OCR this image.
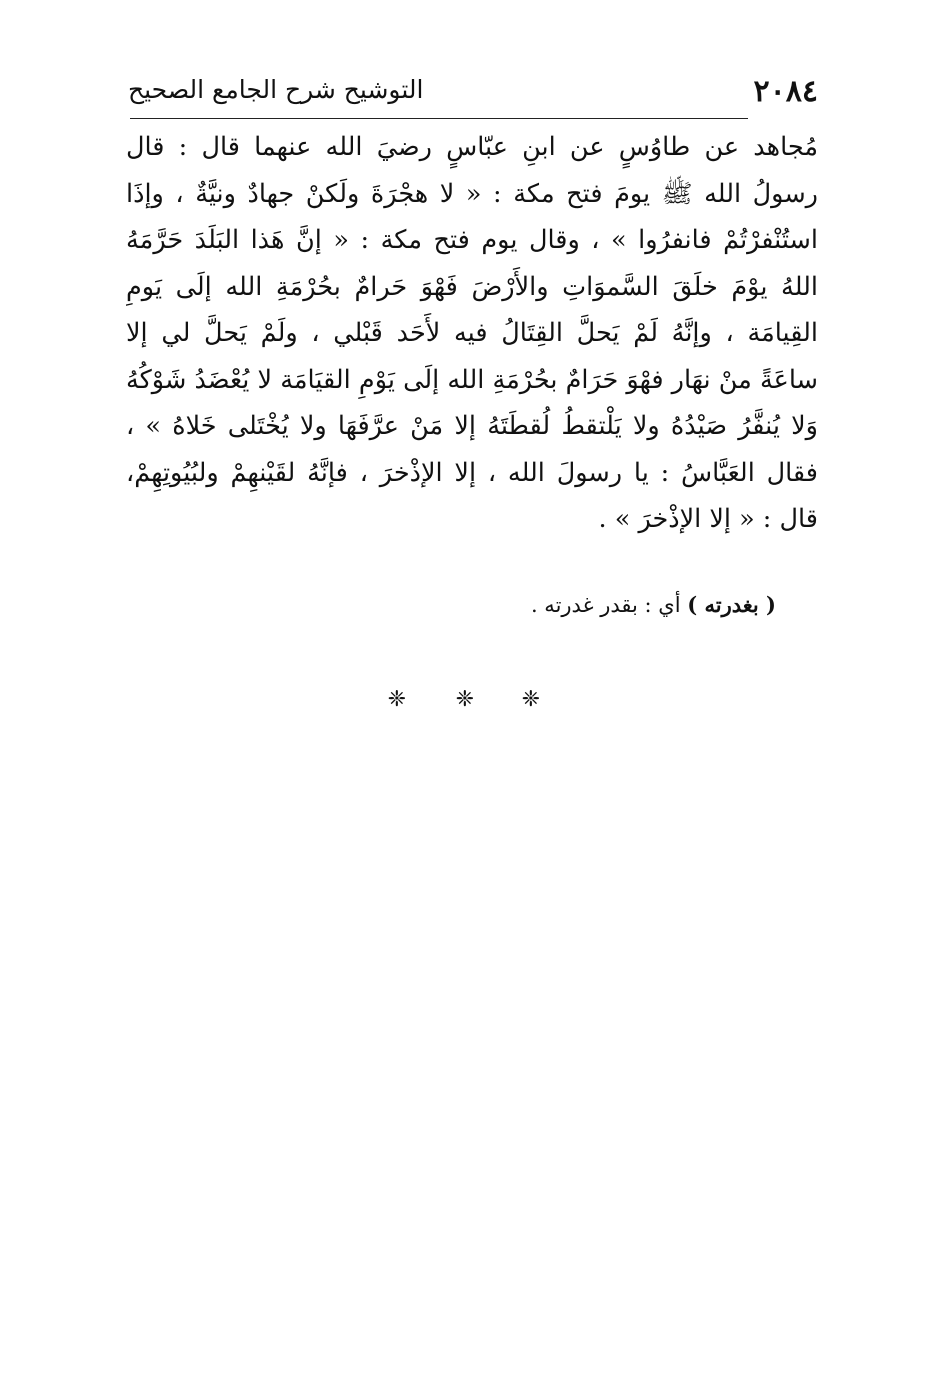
٢٠٨٤
التوشيح شرح الجامع الصحيح
مُجاهد عن طاوُسٍ عن ابنِ عبّاسٍ رضيَ الله عنهما قال : قال
رسولُ الله ﷺ يومَ فتح مكة : « لا هجْرَةَ ولَكنْ جهادٌ ونيَّةٌ ، وإذَا
استُنْفرْتُمْ فانفرُوا » ، وقال يوم فتح مكة : « إنَّ هَذا البَلَدَ حَرَّمَهُ
اللهُ يوْمَ خلَقَ السَّموَاتِ والأَرْضَ فَهْوَ حَرامٌ بحُرْمَةِ الله إلَى يَومِ
القِيامَة ، وإنَّهُ لَمْ يَحلَّ القِتَالُ فيه لأَحَد قَبْلي ، ولَمْ يَحلَّ لي إلا
ساعَةً منْ نهَار فهْوَ حَرَامٌ بحُرْمَةِ الله إلَى يَوْمِ القيَامَة لا يُعْضَدُ شَوْكُهُ
وَلا يُنفَّرُ صَيْدُهُ ولا يَلْتقطُ لُقطَتَهُ إلا مَنْ عرَّفَهَا ولا يُخْتَلى خَلاهُ » ،
فقال العَبَّاسُ : يا رسولَ الله ، إلا الإذْخرَ ، فإنَّهُ لقَيْنهِمْ ولبُيُوتِهِمْ،
قال : « إلا الإذْخرَ » .
( بغدرته ) أي : بقدر غدرته .
❈
❈
❈
